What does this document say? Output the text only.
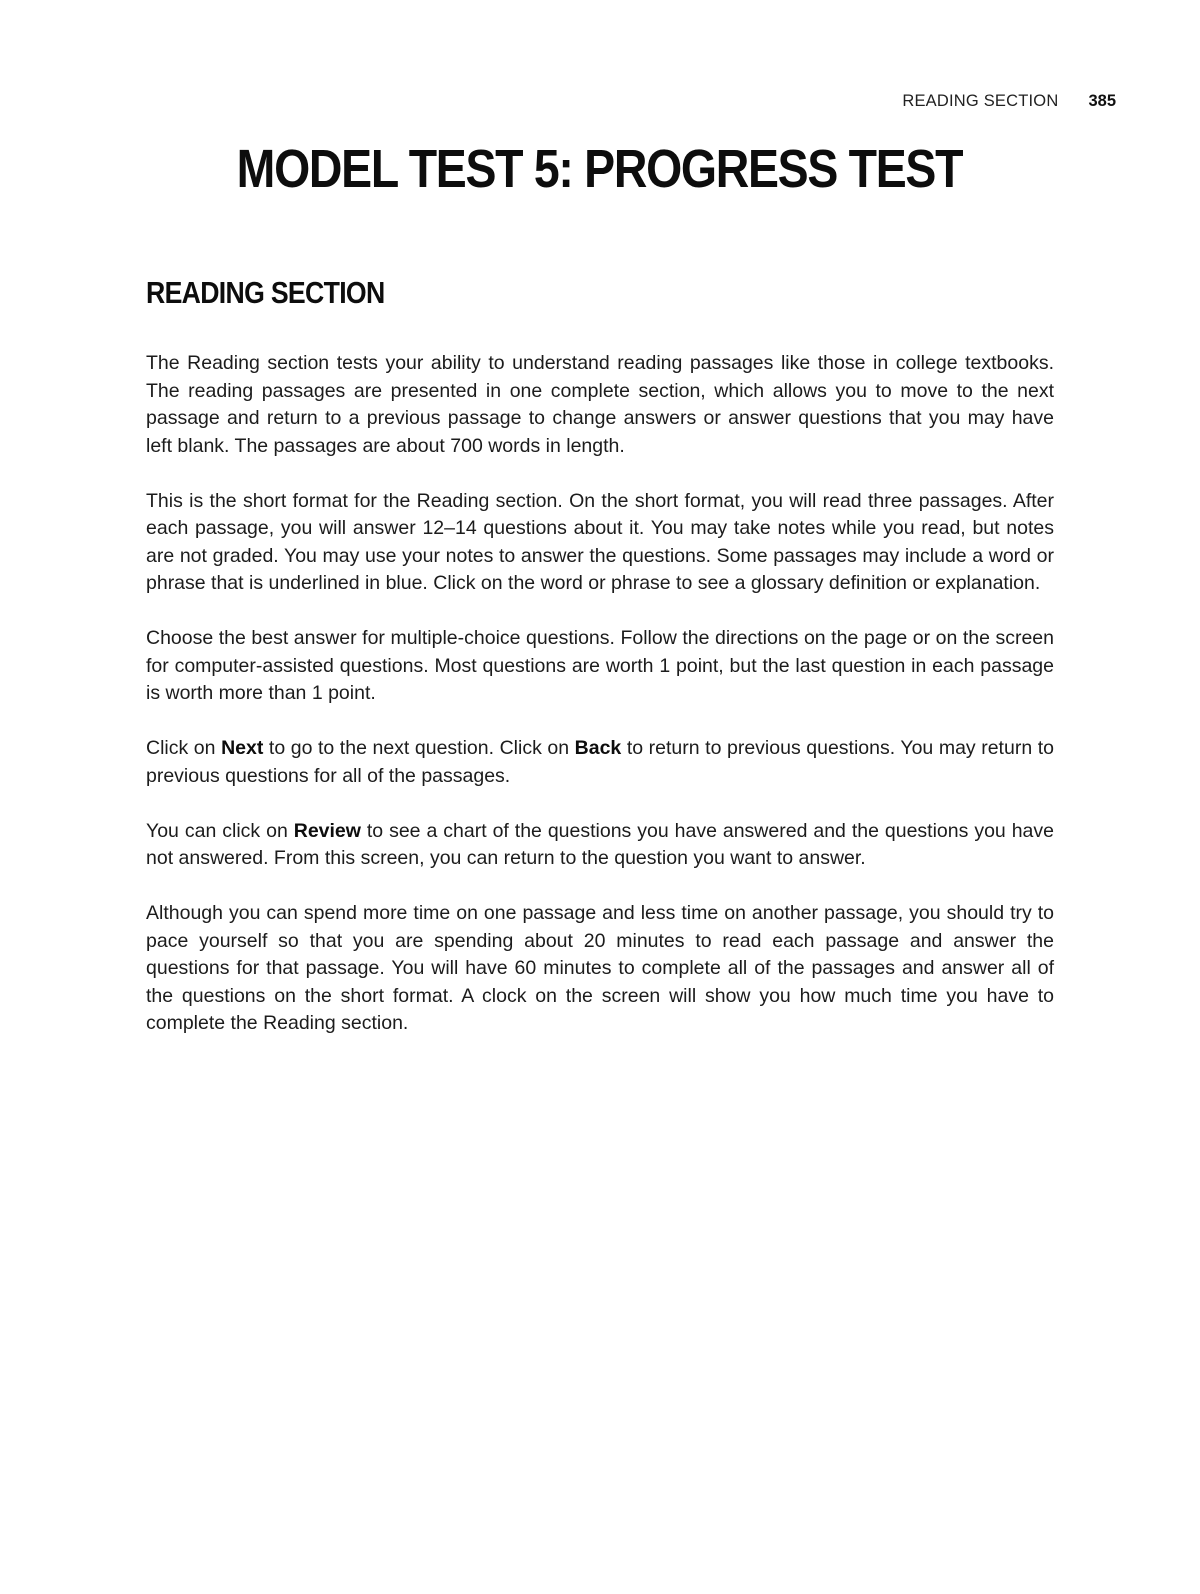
READING SECTION 385
MODEL TEST 5: PROGRESS TEST
READING SECTION

The Reading section tests your ability to understand reading passages like those in college textbooks. The reading passages are presented in one complete section, which allows you to move to the next passage and return to a previous passage to change answers or answer questions that you may have left blank. The passages are about 700 words in length.

This is the short format for the Reading section. On the short format, you will read three passages. After each passage, you will answer 12–14 questions about it. You may take notes while you read, but notes are not graded. You may use your notes to answer the questions. Some passages may include a word or phrase that is underlined in blue. Click on the word or phrase to see a glossary definition or explanation.

Choose the best answer for multiple-choice questions. Follow the directions on the page or on the screen for computer-assisted questions. Most questions are worth 1 point, but the last question in each passage is worth more than 1 point.

Click on Next to go to the next question. Click on Back to return to previous questions. You may return to previous questions for all of the passages.

You can click on Review to see a chart of the questions you have answered and the questions you have not answered. From this screen, you can return to the question you want to answer.

Although you can spend more time on one passage and less time on another passage, you should try to pace yourself so that you are spending about 20 minutes to read each passage and answer the questions for that passage. You will have 60 minutes to complete all of the passages and answer all of the questions on the short format. A clock on the screen will show you how much time you have to complete the Reading section.
